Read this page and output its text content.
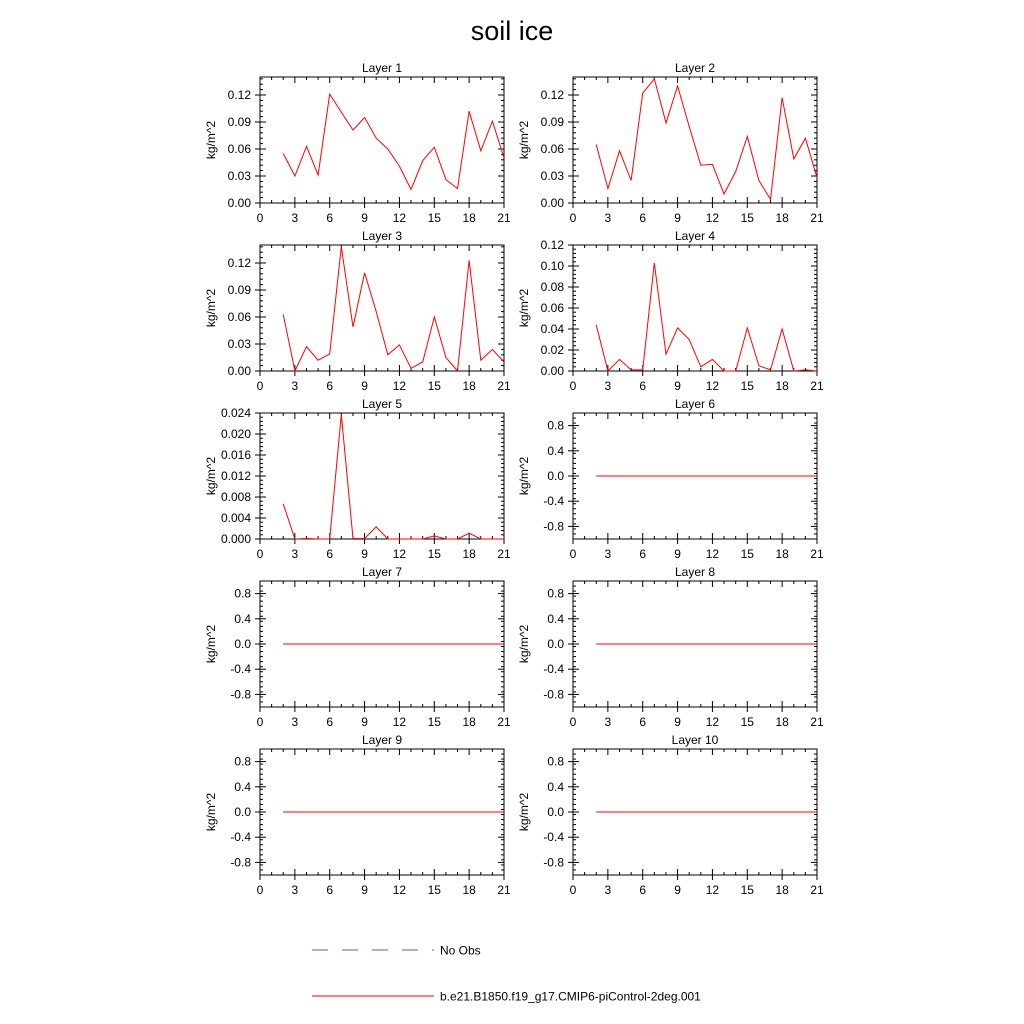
soil ice
Layer 1
kg/m^2
0 3 6 9 12 15 18 21
0.00
0.03
0.06
0.09
0.12
Layer 2
kg/m^2
0 3 6 9 12 15 18 21
0.00
0.03
0.06
0.09
0.12
Layer 3
kg/m^2
0 3 6 9 12 15 18 21
0.00
0.03
0.06
0.09
0.12
Layer 4
kg/m^2
0 3 6 9 12 15 18 21
0.00
0.02
0.04
0.06
0.08
0.10
0.12
Layer 5
kg/m^2
0 3 6 9 12 15 18 21
0.000
0.004
0.008
0.012
0.016
0.020
0.024
Layer 6
kg/m^2
0 3 6 9 12 15 18 21
-0.8
-0.4
0.0
0.4
0.8
Layer 7
kg/m^2
0 3 6 9 12 15 18 21
-0.8
-0.4
0.0
0.4
0.8
Layer 8
kg/m^2
0 3 6 9 12 15 18 21
-0.8
-0.4
0.0
0.4
0.8
Layer 9
kg/m^2
0 3 6 9 12 15 18 21
-0.8
-0.4
0.0
0.4
0.8
Layer 10
kg/m^2
0 3 6 9 12 15 18 21
-0.8
-0.4
0.0
0.4
0.8
No Obs
b.e21.B1850.f19_g17.CMIP6-piControl-2deg.001
